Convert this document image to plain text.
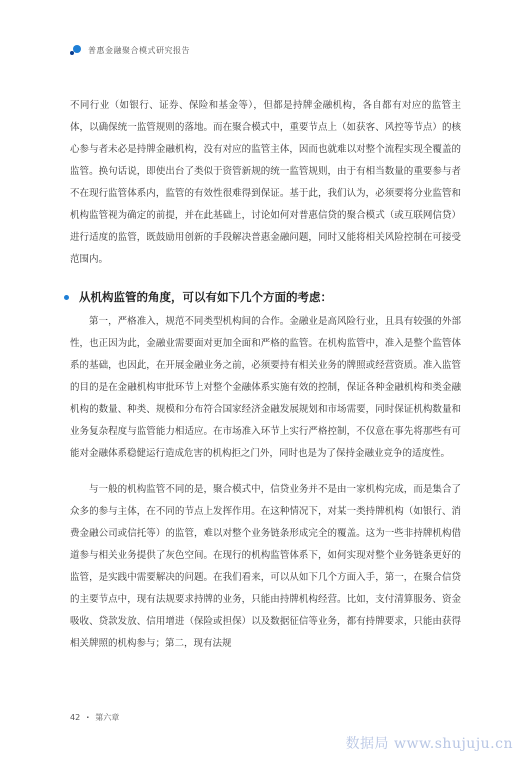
普惠金融聚合模式研究报告

不同行业（如银行、证券、保险和基金等），但都是持牌金融机构，各自都有对应的监管主体，以确保统一监管规则的落地。而在聚合模式中，重要节点上（如获客、风控等节点）的核心参与者未必是持牌金融机构，没有对应的监管主体，因而也就难以对整个流程实现全覆盖的监管。换句话说，即使出台了类似于资管新规的统一监管规则，由于有相当数量的重要参与者不在现行监管体系内，监管的有效性很难得到保证。基于此，我们认为，必须要将分业监管和机构监管视为确定的前提，并在此基础上，讨论如何对普惠信贷的聚合模式（或互联网信贷）进行适度的监管，既鼓励用创新的手段解决普惠金融问题，同时又能将相关风险控制在可接受范围内。

从机构监管的角度，可以有如下几个方面的考虑：

第一，严格准入，规范不同类型机构间的合作。金融业是高风险行业，且具有较强的外部性，也正因为此，金融业需要面对更加全面和严格的监管。在机构监管中，准入是整个监管体系的基础，也因此，在开展金融业务之前，必须要持有相关业务的牌照或经营资质。准入监管的目的是在金融机构审批环节上对整个金融体系实施有效的控制，保证各种金融机构和类金融机构的数量、种类、规模和分布符合国家经济金融发展规划和市场需要，同时保证机构数量和业务复杂程度与监管能力相适应。在市场准入环节上实行严格控制，不仅意在事先将那些有可能对金融体系稳健运行造成危害的机构拒之门外，同时也是为了保持金融业竞争的适度性。

与一般的机构监管不同的是，聚合模式中，信贷业务并不是由一家机构完成，而是集合了众多的参与主体，在不同的节点上发挥作用。在这种情况下，对某一类持牌机构（如银行、消费金融公司或信托等）的监管，难以对整个业务链条形成完全的覆盖。这为一些非持牌机构借道参与相关业务提供了灰色空间。在现行的机构监管体系下，如何实现对整个业务链条更好的监管，是实践中需要解决的问题。在我们看来，可以从如下几个方面入手，第一，在聚合信贷的主要节点中，现有法规要求持牌的业务，只能由持牌机构经营。比如，支付清算服务、资金吸收、贷款发放、信用增进（保险或担保）以及数据征信等业务，都有持牌要求，只能由获得相关牌照的机构参与；第二，现有法规

42 · 第六章
数据局 www.shujuju.cn
